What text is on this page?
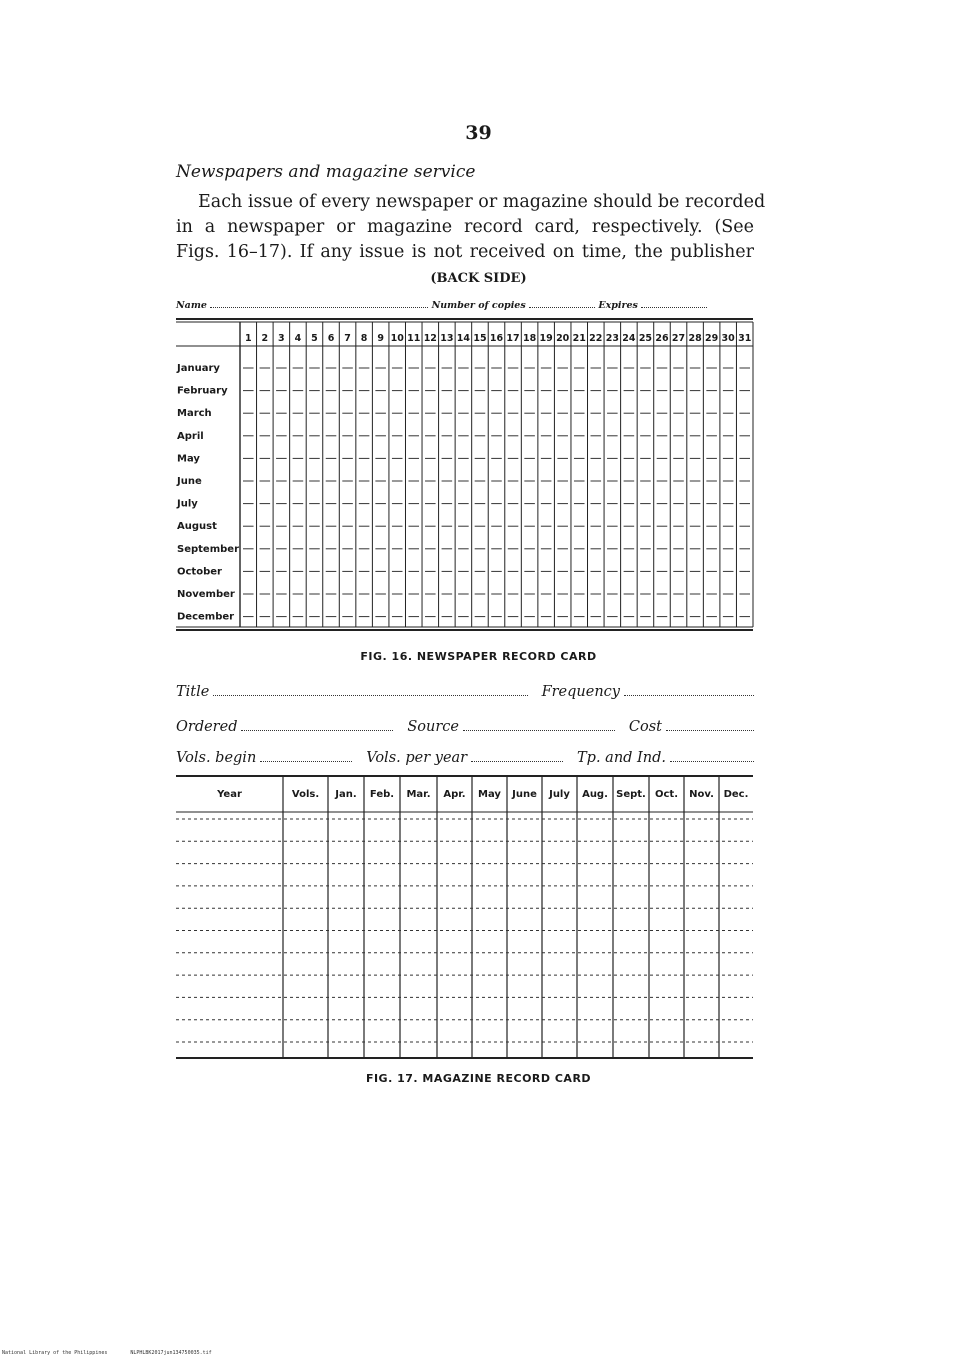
39
Newspapers and magazine service
Each issue of every newspaper or magazine should be recorded
in a newspaper or magazine record card, respectively. (See
Figs. 16–17). If any issue is not received on time, the publisher
(BACK SIDE)
Name	Number of copies	Expires
1 2 3 4 5 6 7 8 9 10 11 12 13 14 15 16 17 18 19 20 21 22 23 24 25 26 27 28 29 30 31
January
February
March
April
May
June
July
August
September
October
November
December
FIG. 16. NEWSPAPER RECORD CARD
Title	Frequency
Ordered	Source	Cost
Vols. begin	Vols. per year	Tp. and Ind.
Year	Vols. Jan. Feb. Mar. Apr. May June July Aug. Sept. Oct. Nov. Dec.
FIG. 17. MAGAZINE RECORD CARD
National Library of the Philippines	NLPHLBK2017jun134750035.tif
